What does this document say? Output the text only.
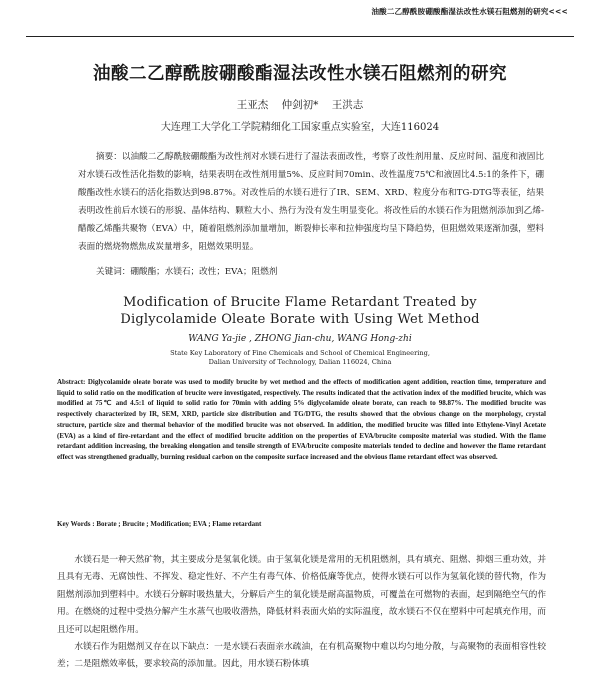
油酸二乙醇酰胺硼酸酯湿法改性水镁石阻燃剂的研究<<<
油酸二乙醇酰胺硼酸酯湿法改性水镁石阻燃剂的研究
王亚杰 仲剑初* 王洪志
大连理工大学化工学院精细化工国家重点实验室，大连116024
摘要：以油酸二乙醇酰胺硼酸酯为改性剂对水镁石进行了湿法表面改性，考察了改性剂用量、反应时间、温度和液固比对水镁石改性活化指数的影响，结果表明在改性剂用量5%、反应时间70min、改性温度75℃和液固比4.5:1的条件下，硼酸酯改性水镁石的活化指数达到98.87%。对改性后的水镁石进行了IR、SEM、XRD、粒度分布和TG-DTG等表征，结果表明改性前后水镁石的形貌、晶体结构、颗粒大小、热行为没有发生明显变化。将改性后的水镁石作为阻燃剂添加到乙烯-醋酸乙烯酯共聚物（EVA）中，随着阻燃剂添加量增加，断裂伸长率和拉伸强度均呈下降趋势，但阻燃效果逐渐加强，塑料表面的燃烧物燃焦成炭量增多，阻燃效果明显。
关键词：硼酸酯；水镁石；改性；EVA；阻燃剂
Modification of Brucite Flame Retardant Treated by
Diglycolamide Oleate Borate with Using Wet Method
WANG Ya-jie , ZHONG Jian-chu, WANG Hong-zhi
State Key Laboratory of Fine Chemicals and School of Chemical Engineering,
Dalian University of Technology, Dalian 116024, China
Abstract: Diglycolamide oleate borate was used to modify brucite by wet method and the effects of modification agent addition, reaction time, temperature and liquid to solid ratio on the modification of brucite were investigated, respectively. The results indicated that the activation index of the modified brucite, which was modified at 75℃ and 4.5:1 of liquid to solid ratio for 70min with adding 5% diglycolamide oleate borate, can reach to 98.87%. The modified brucite was respectively characterized by IR, SEM, XRD, particle size distribution and TG/DTG, the results showed that the obvious change on the morphology, crystal structure, particle size and thermal behavior of the modified brucite was not observed. In addition, the modified brucite was filled into Ethylene-Vinyl Acetate (EVA) as a kind of fire-retardant and the effect of modified brucite addition on the properties of EVA/brucite composite material was studied. With the flame retardant addition increasing, the breaking elongation and tensile strength of EVA/brucite composite materials tended to decline and however the flame retardant effect was strengthened gradually, burning residual carbon on the composite surface increased and the obvious flame retardant effect was observed.
Key Words : Borate ; Brucite ; Modification; EVA ; Flame retardant

水镁石是一种天然矿物，其主要成分是氢氧化镁。由于氢氧化镁是常用的无机阻燃剂，具有填充、阻燃、抑烟三重功效，并且具有无毒、无腐蚀性、不挥发、稳定性好、不产生有毒气体、价格低廉等优点，使得水镁石可以作为氢氧化镁的替代物，作为阻燃剂添加到塑料中。水镁石分解时吸热量大，分解后产生的氧化镁是耐高温物质，可覆盖在可燃物的表面，起到隔绝空气的作用。在燃烧的过程中受热分解产生水蒸气也吸收潜热，降低材料表面火焰的实际温度，故水镁石不仅在塑料中可起填充作用，而且还可以起阻燃作用。

水镁石作为阻燃剂又存在以下缺点：一是水镁石表面亲水疏油，在有机高聚物中难以均匀地分散，与高聚物的表面相容性较差；二是阻燃效率低，要求较高的添加量。因此，用水镁石粉体填
